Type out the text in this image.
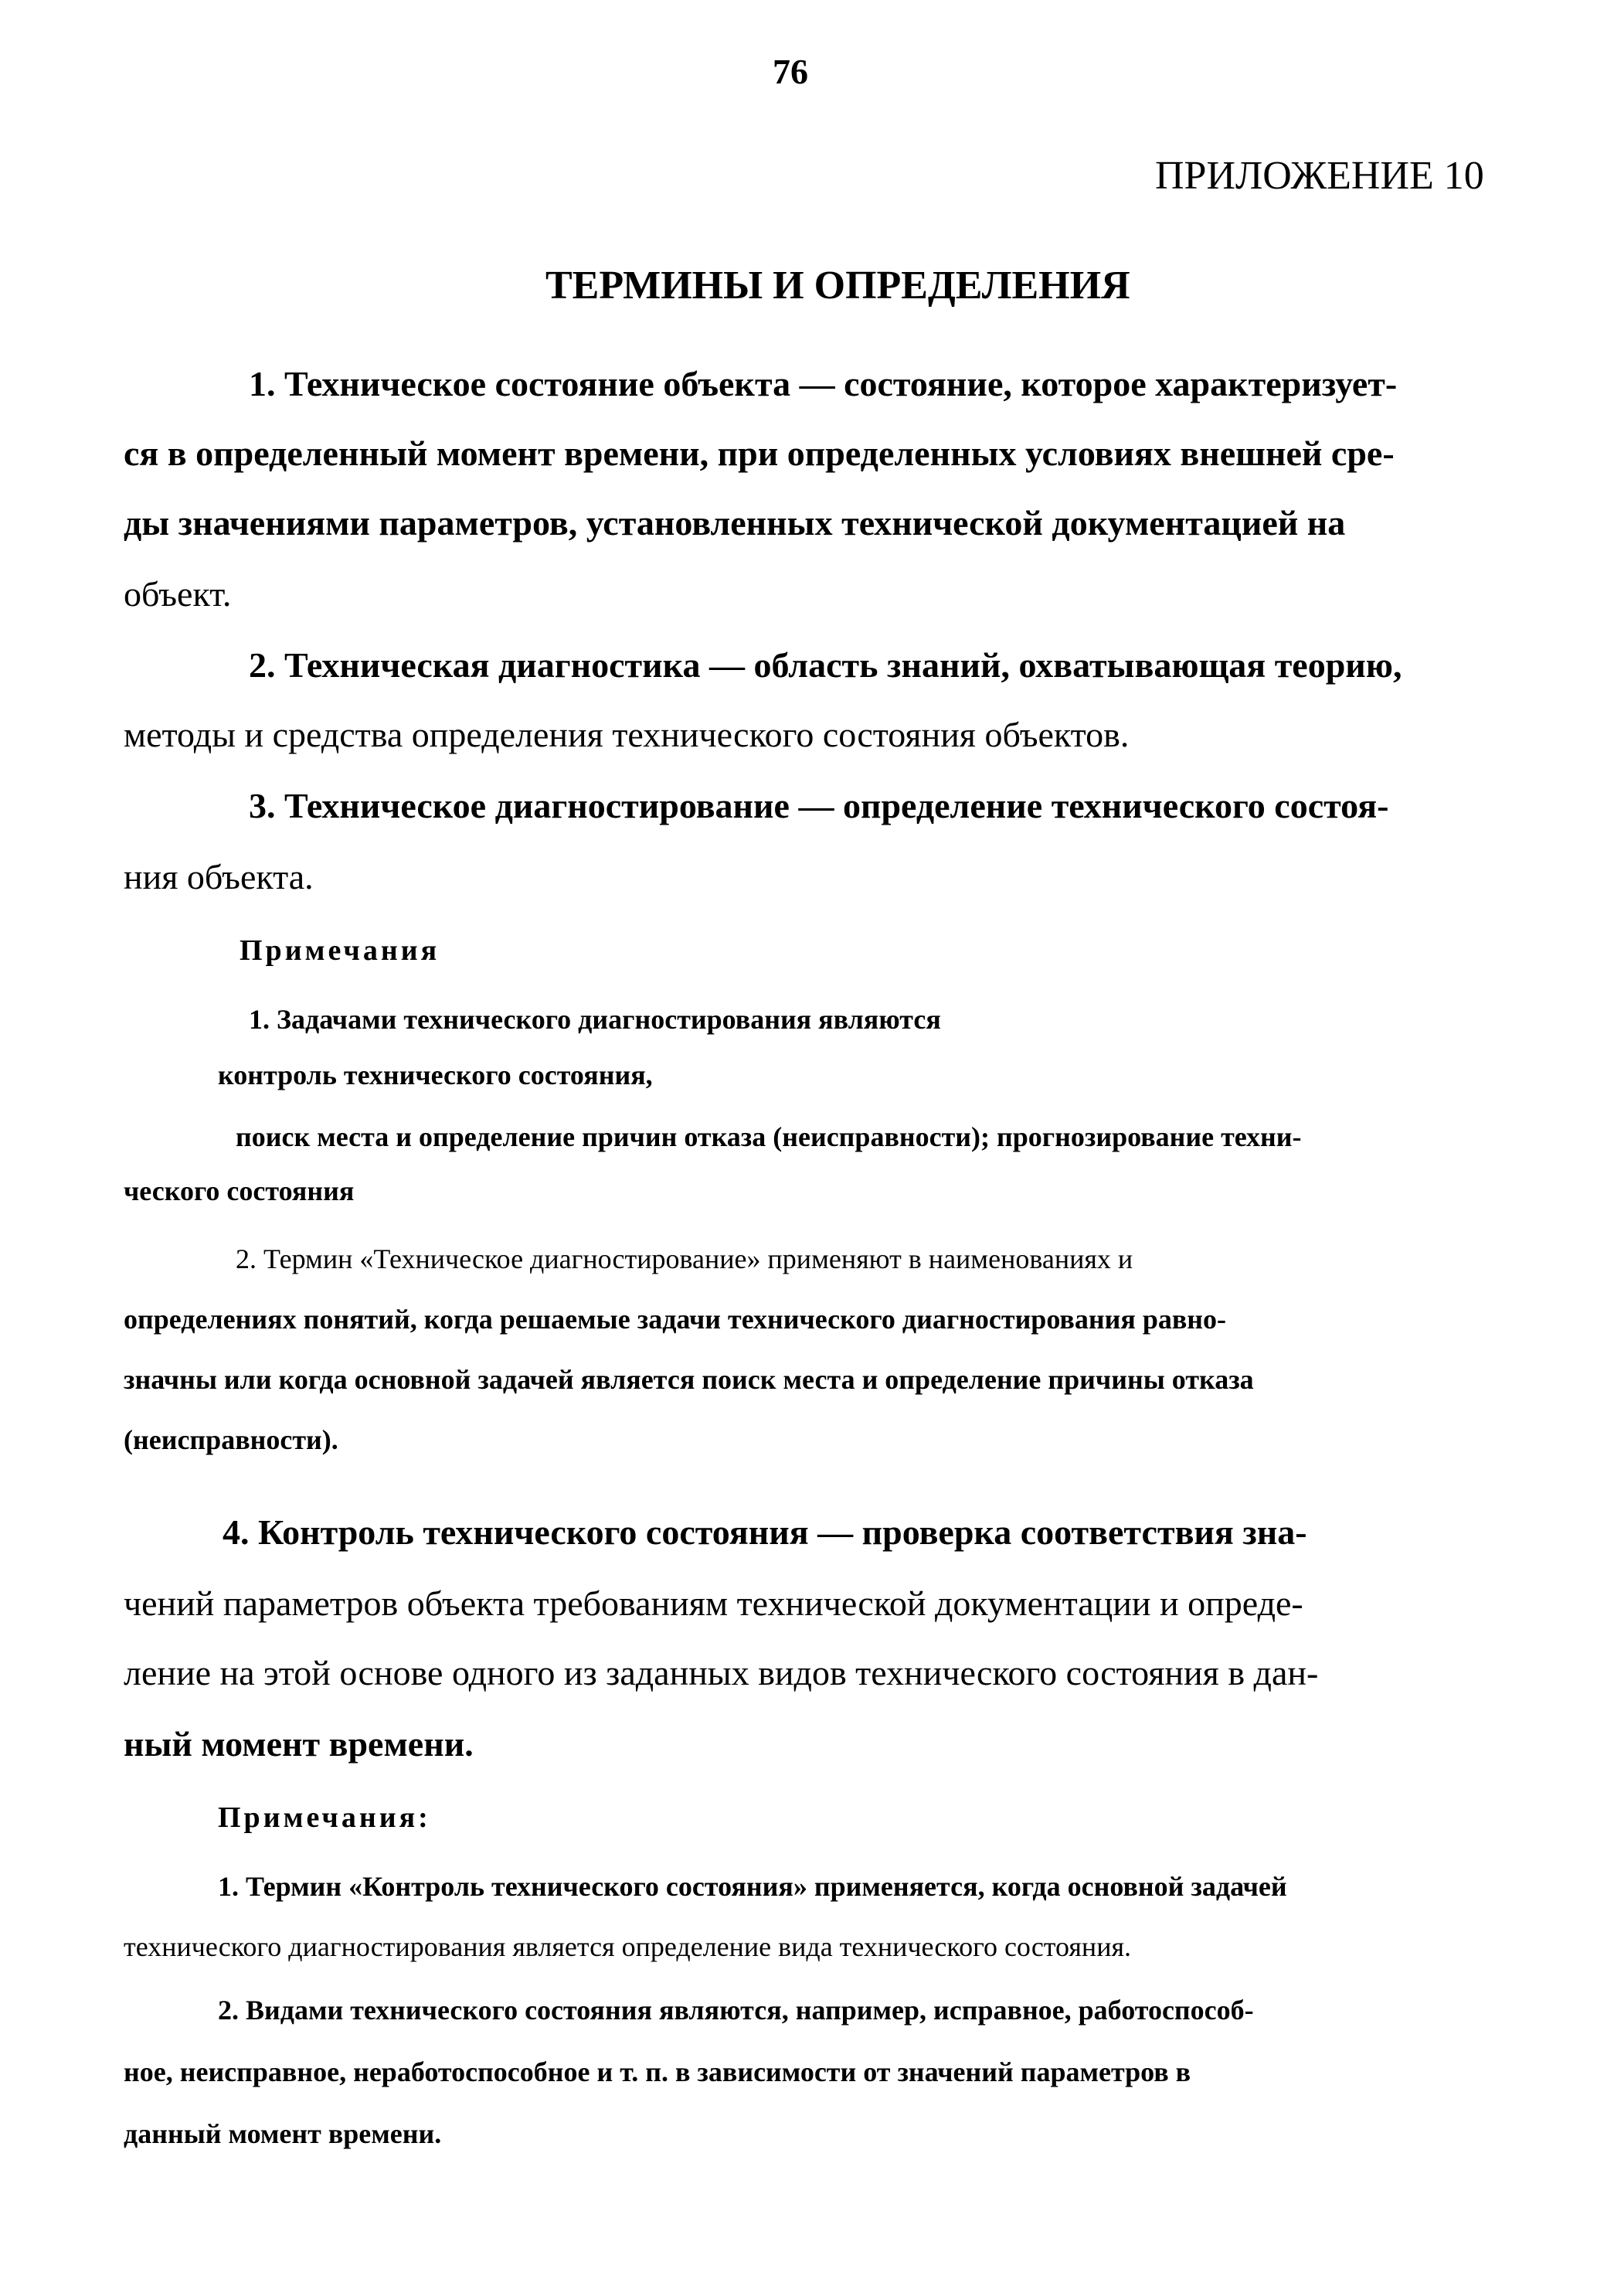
76
ПРИЛОЖЕНИЕ 10
ТЕРМИНЫ И ОПРЕДЕЛЕНИЯ
1. Техническое состояние объекта — состояние, которое характеризует-
ся в определенный момент времени, при определенных условиях внешней сре-
ды значениями параметров, установленных технической документацией на
объект.
2. Техническая диагностика — область знаний, охватывающая теорию,
методы и средства определения технического состояния объектов.
3. Техническое диагностирование — определение технического состоя-
ния объекта.
Примечания
1. Задачами технического диагностирования являются
контроль технического состояния,
поиск места и определение причин отказа (неисправности); прогнозирование техни-
ческого состояния
2. Термин «Техническое диагностирование» применяют в наименованиях и
определениях понятий, когда решаемые задачи технического диагностирования равно-
значны или когда основной задачей является поиск места и определение причины отказа
(неисправности).
4. Контроль технического состояния — проверка соответствия зна-
чений параметров объекта требованиям технической документации и опреде-
ление на этой основе одного из заданных видов технического состояния в дан-
ный момент времени.
Примечания:
1. Термин «Контроль технического состояния» применяется, когда основной задачей
технического диагностирования является определение вида технического состояния.
2. Видами технического состояния являются, например, исправное, работоспособ-
ное, неисправное, неработоспособное и т. п. в зависимости от значений параметров в
данный момент времени.
